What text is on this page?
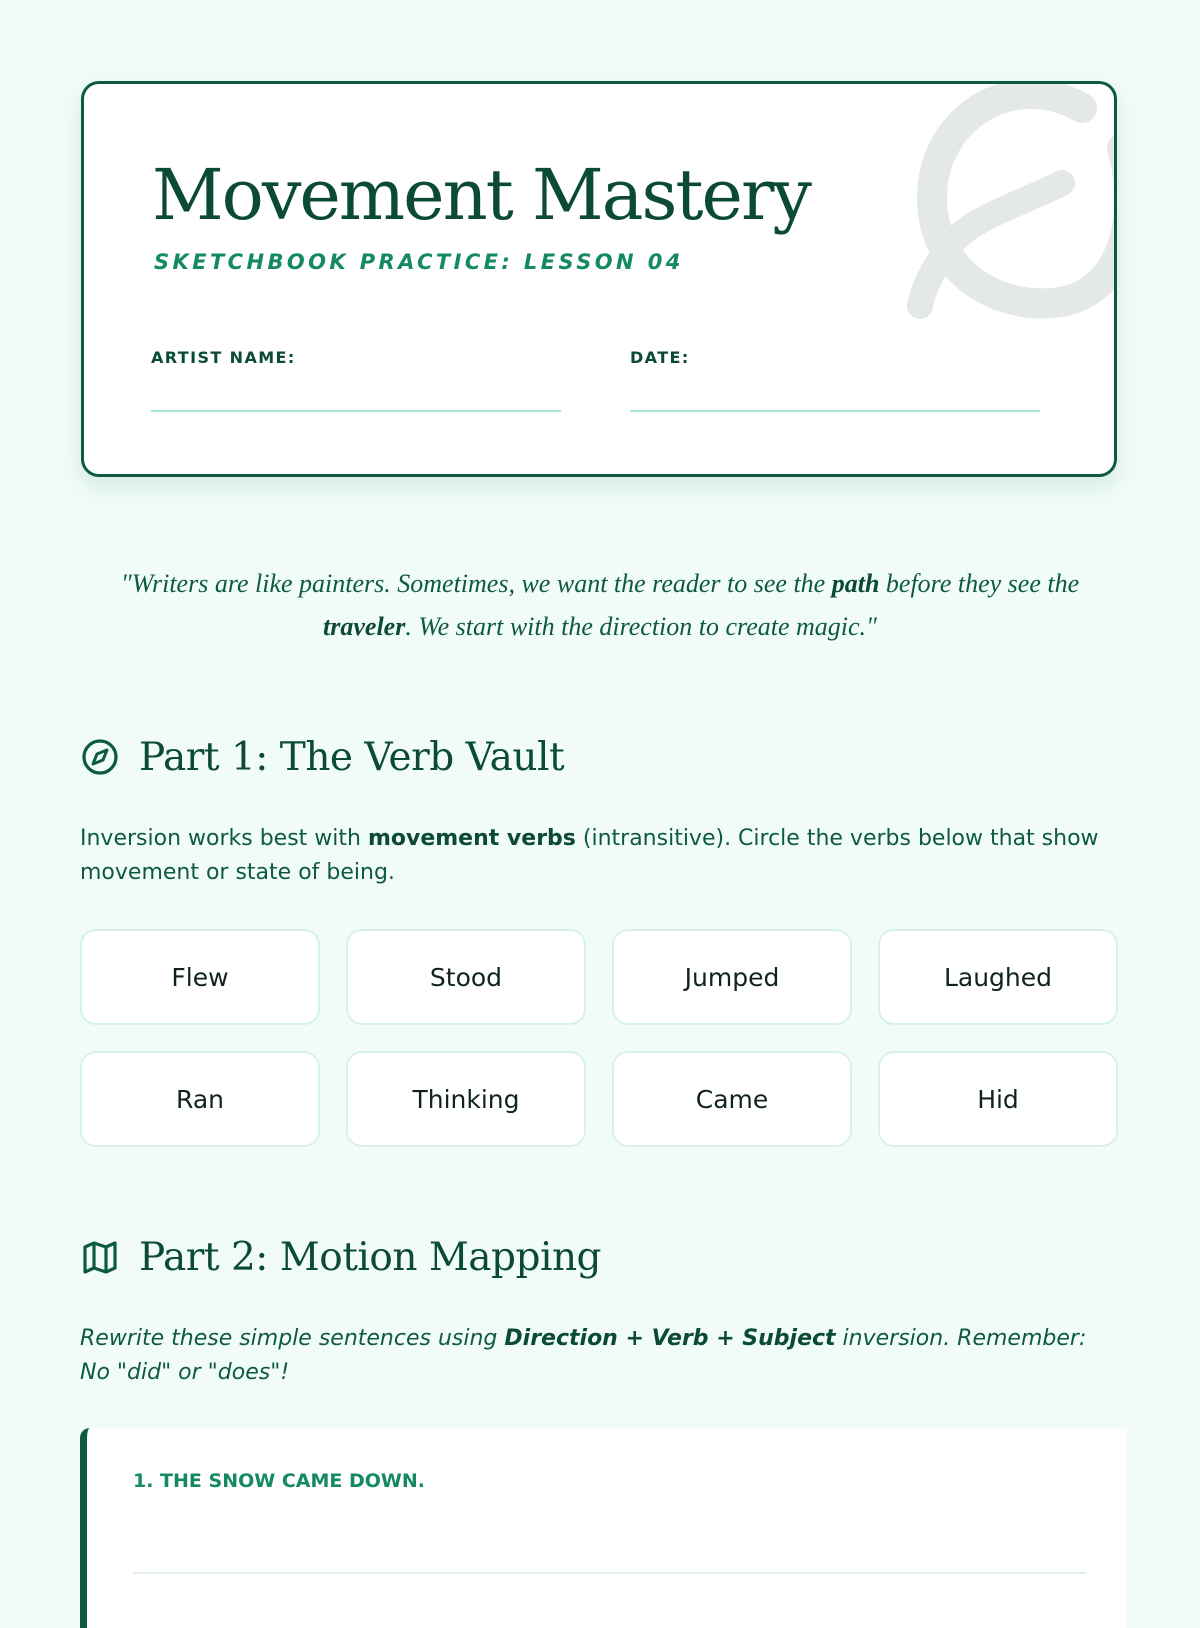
Movement Mastery

SKETCHBOOK PRACTICE: LESSON 04

ARTIST NAME:	DATE:

"Writers are like painters. Sometimes, we want the reader to see the path before they see the traveler. We start with the direction to create magic."

Part 1: The Verb Vault

Inversion works best with movement verbs (intransitive). Circle the verbs below that show movement or state of being.

Flew	Stood	Jumped	Laughed
Ran	Thinking	Came	Hid
Part 2: Motion Mapping

Rewrite these simple sentences using Direction + Verb + Subject inversion. Remember: No "did" or "does"!

1. THE SNOW CAME DOWN.
